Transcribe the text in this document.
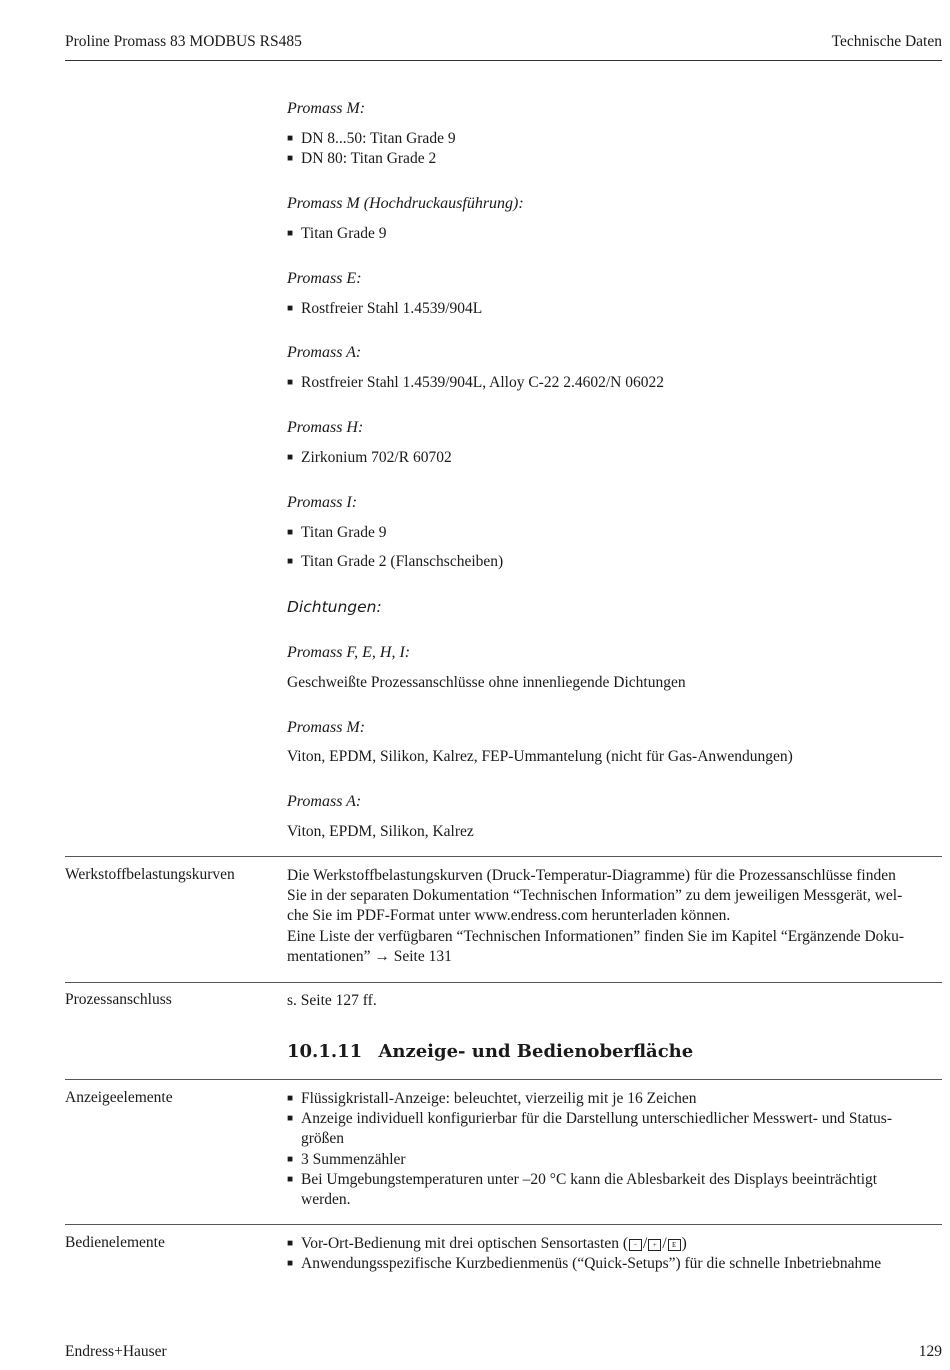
Proline Promass 83 MODBUS RS485	Technische Daten
Promass M:
■ DN 8...50: Titan Grade 9
■ DN 80: Titan Grade 2
Promass M (Hochdruckausführung):
■ Titan Grade 9
Promass E:
■ Rostfreier Stahl 1.4539/904L
Promass A:
■ Rostfreier Stahl 1.4539/904L, Alloy C-22 2.4602/N 06022
Promass H:
■ Zirkonium 702/R 60702
Promass I:
■ Titan Grade 9
■ Titan Grade 2 (Flanschscheiben)
Dichtungen:
Promass F, E, H, I:
Geschweißte Prozessanschlüsse ohne innenliegende Dichtungen
Promass M:
Viton, EPDM, Silikon, Kalrez, FEP-Ummantelung (nicht für Gas-Anwendungen)
Promass A:
Viton, EPDM, Silikon, Kalrez
Werkstoffbelastungskurven	Die Werkstoffbelastungskurven (Druck-Temperatur-Diagramme) für die Prozessanschlüsse finden
Sie in der separaten Dokumentation “Technischen Information” zu dem jeweiligen Messgerät, wel-
che Sie im PDF-Format unter www.endress.com herunterladen können.
Eine Liste der verfügbaren “Technischen Informationen” finden Sie im Kapitel “Ergänzende Doku-
mentationen” → Seite 131
Prozessanschluss	s. Seite 127 ff.
10.1.11 Anzeige- und Bedienoberfläche
Anzeigeelemente	■ Flüssigkristall-Anzeige: beleuchtet, vierzeilig mit je 16 Zeichen
■ Anzeige individuell konfigurierbar für die Darstellung unterschiedlicher Messwert- und Status-
größen
■ 3 Summenzähler
■ Bei Umgebungstemperaturen unter –20 °C kann die Ablesbarkeit des Displays beeinträchtigt
werden.
Bedienelemente	■ Vor-Ort-Bedienung mit drei optischen Sensortasten ( − / + / E )
■ Anwendungsspezifische Kurzbedienmenüs (“Quick-Setups”) für die schnelle Inbetriebnahme
Endress+Hauser	129
